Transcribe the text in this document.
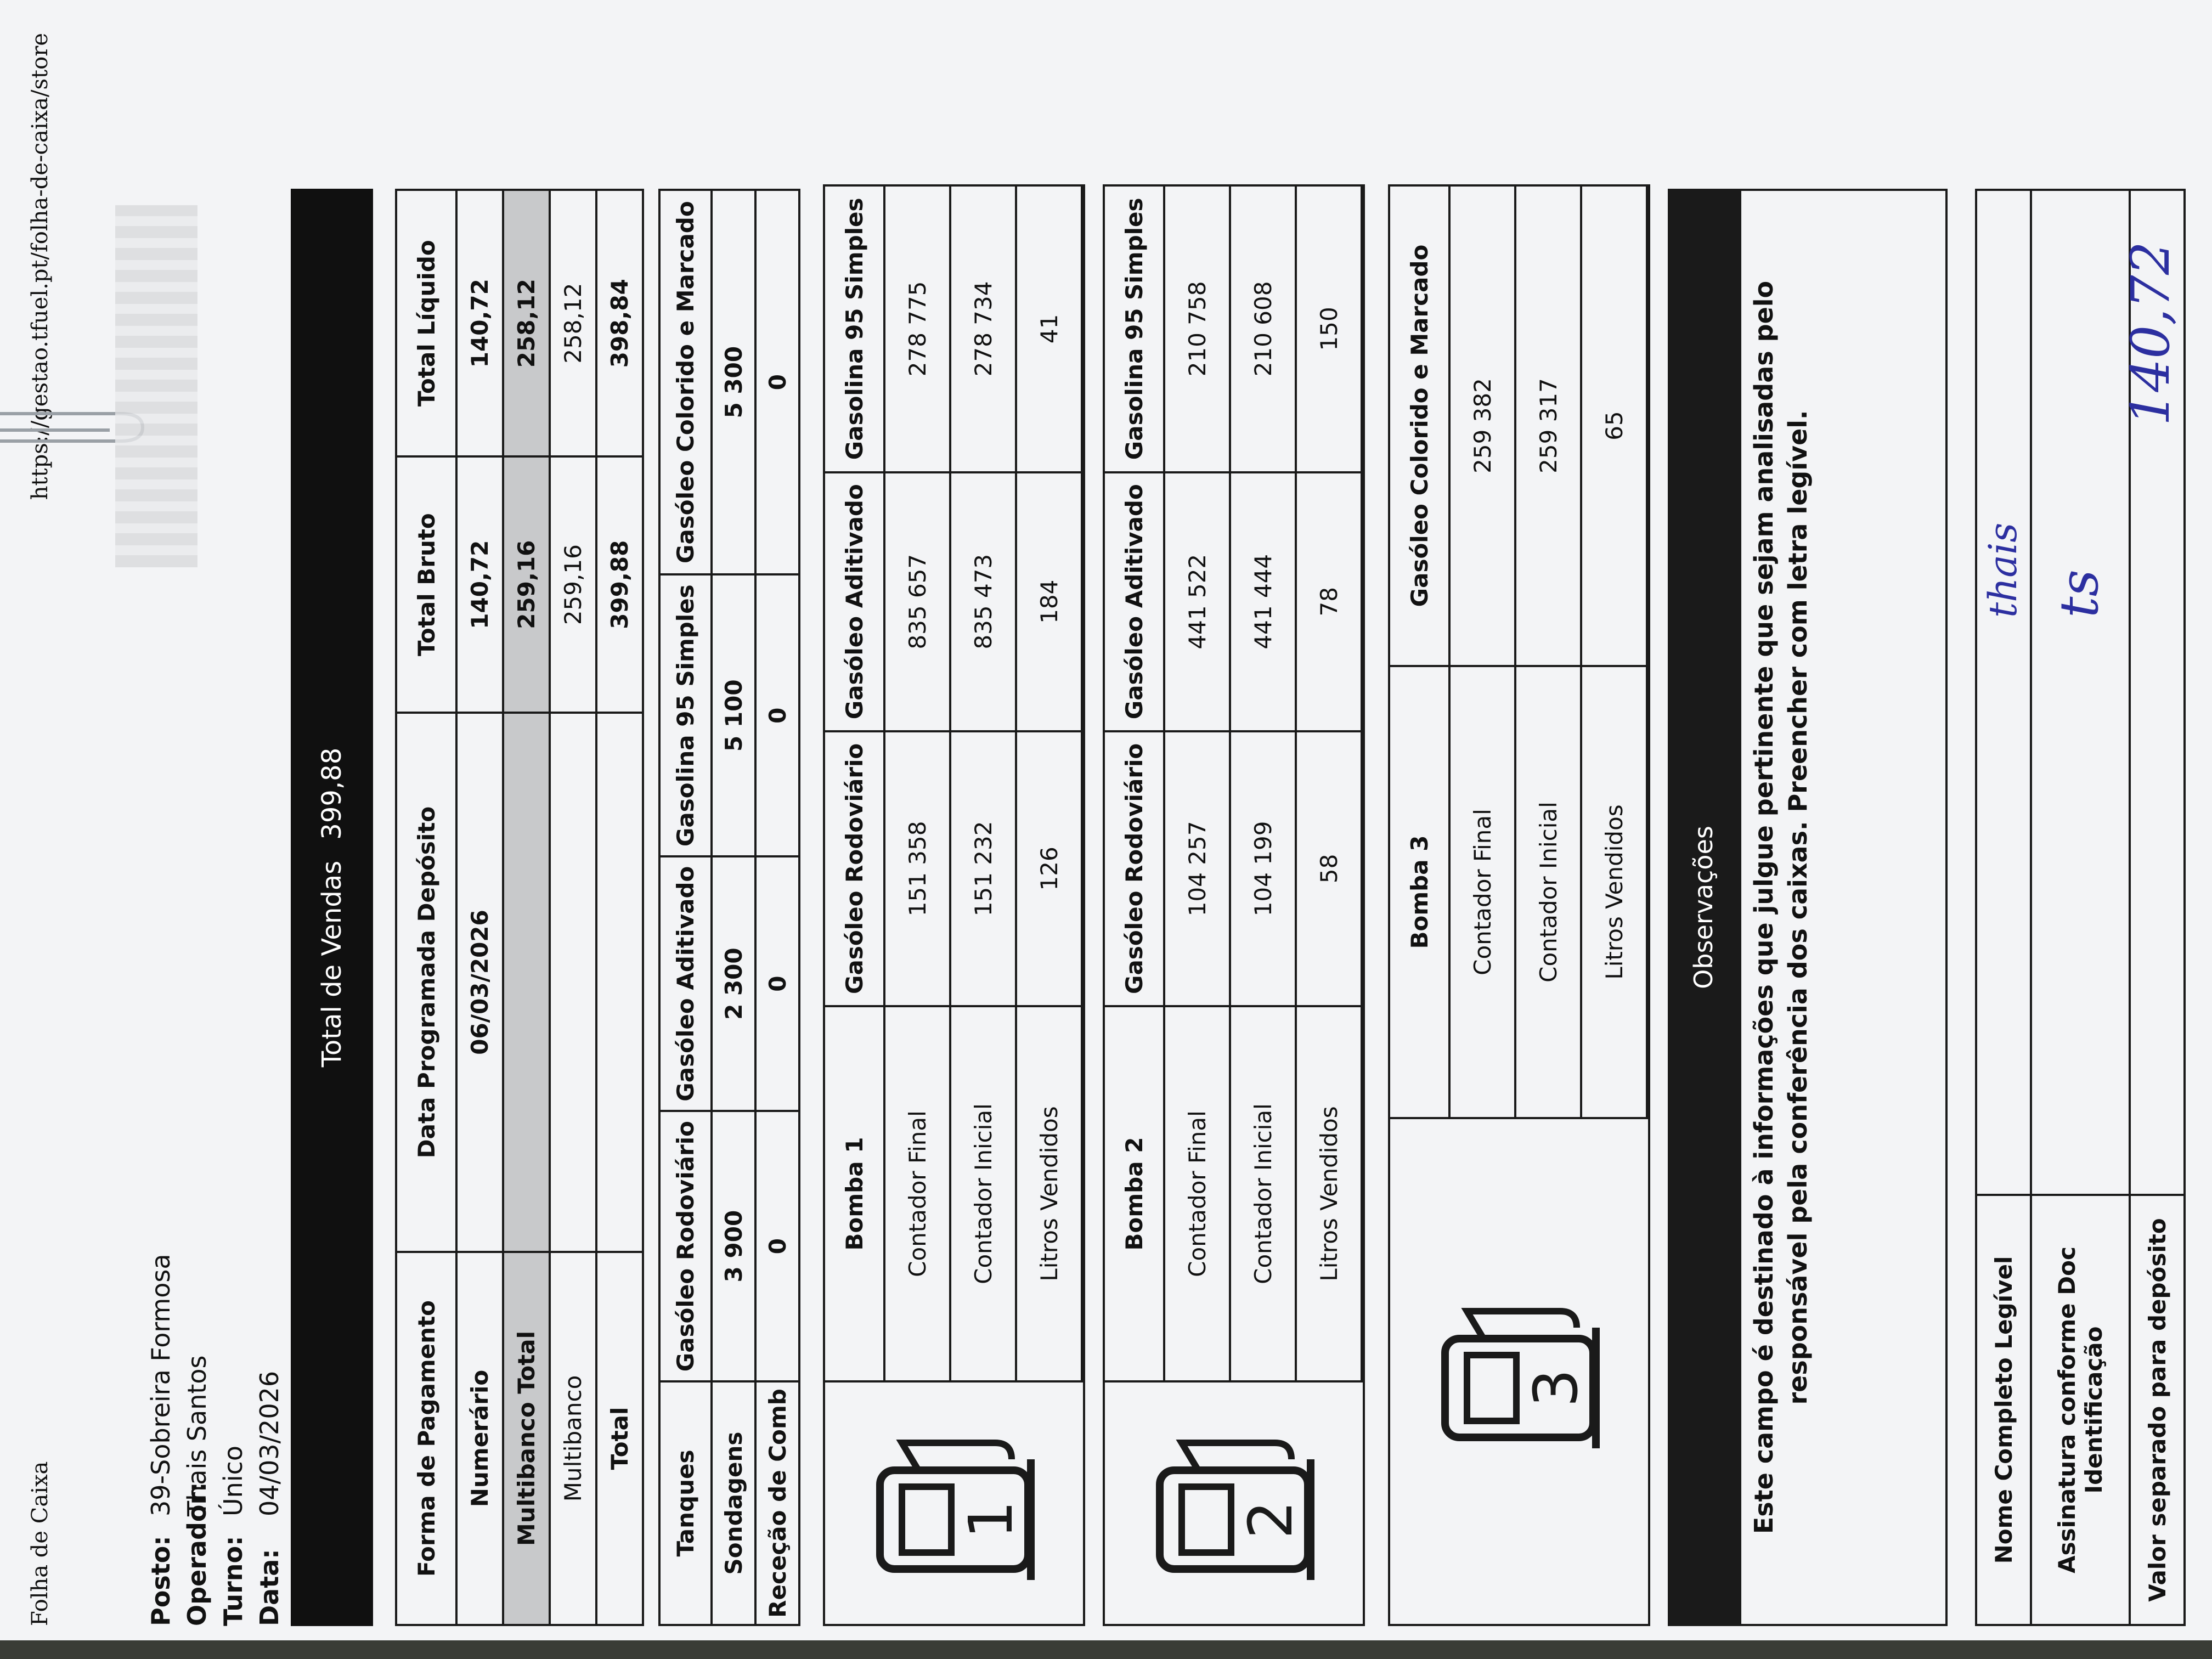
Folha de Caixa
https://gestao.tfuel.pt/folha-de-caixa/store
Posto:39-Sobreira Formosa
Operador:Thais Santos
Turno:Único
Data:04/03/2026
Total de Vendas
399,88
Forma de Pagamento	Data Programada Depósito	Total Bruto	Total Líquido
Numerário	06/03/2026	140,72	140,72
Multibanco Total		259,16	258,12
Multibanco		259,16	258,12
Total		399,88	398,84
Tanques	Gasóleo Rodoviário	Gasóleo Aditivado	Gasolina 95 Simples	Gasóleo Colorido e Marcado
Sondagens	3 900	2 300	5 100	5 300
Receção de Comb	0	0	0	0
1
Bomba 1	Gasóleo Rodoviário	Gasóleo Aditivado	Gasolina 95 Simples
Contador Final	151 358	835 657	278 775
Contador Inicial	151 232	835 473	278 734
Litros Vendidos	126	184	41
2
Bomba 2	Gasóleo Rodoviário	Gasóleo Aditivado	Gasolina 95 Simples
Contador Final	104 257	441 522	210 758
Contador Inicial	104 199	441 444	210 608
Litros Vendidos	58	78	150
3
Bomba 3	Gasóleo Colorido e Marcado
Contador Final	259 382
Contador Inicial	259 317
Litros Vendidos	65
Observações	Este campo é destinado à informações que julgue pertinente que sejam analisadas pelo responsável pela conferência dos caixas. Preencher com letra legível.
Nome Completo Legível	thais

Assinatura conforme Doc Identificação	ts

Valor separado para depósito	140,72
